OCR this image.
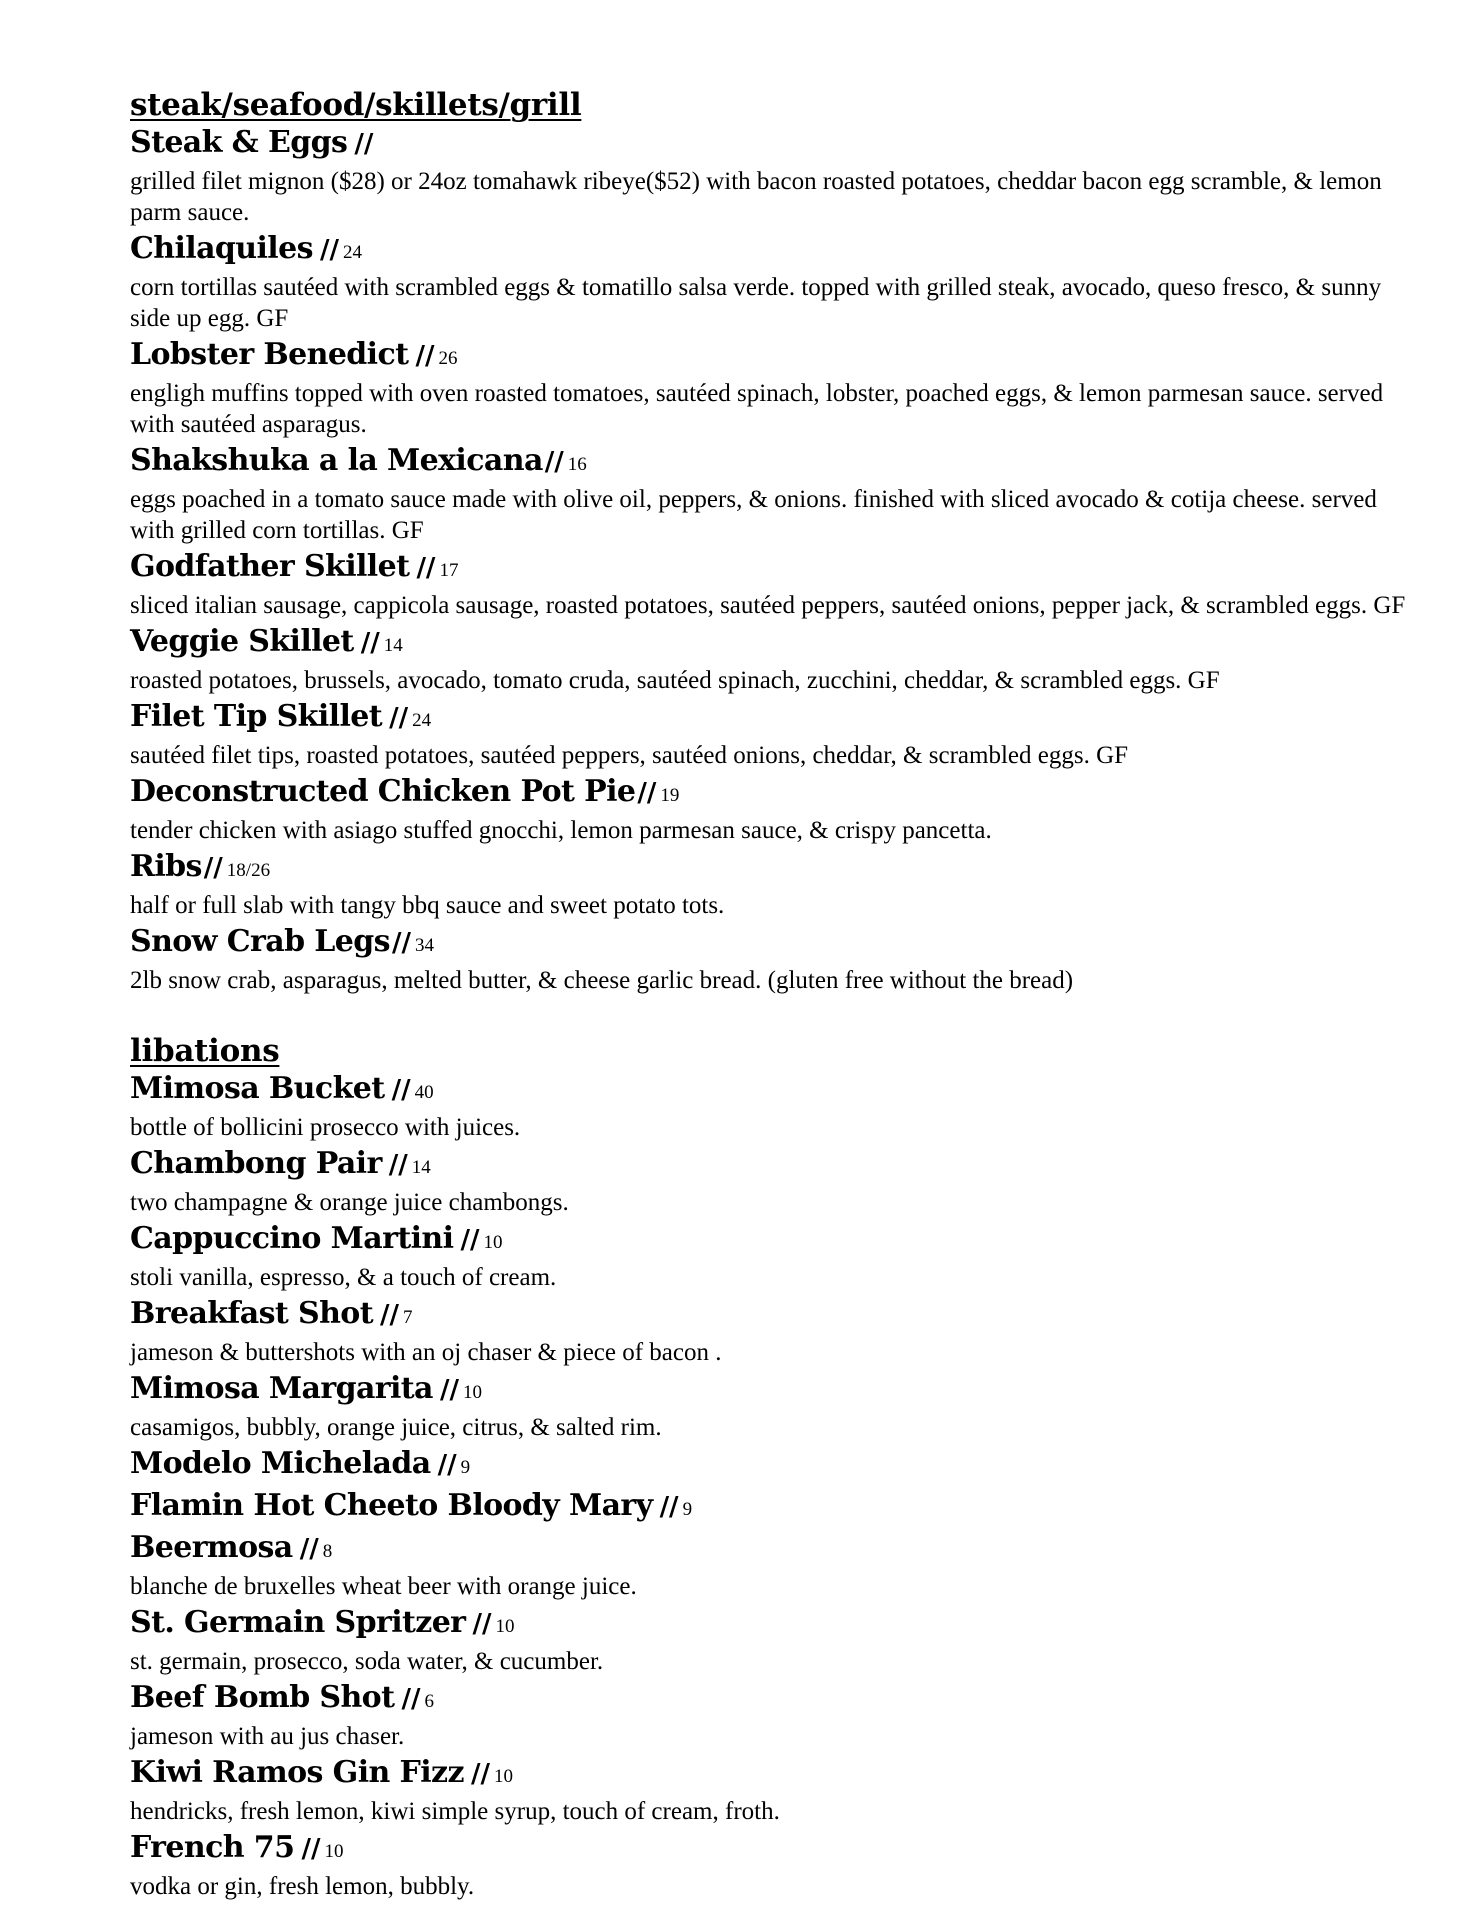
steak/seafood/skillets/grill
Steak & Eggs //

grilled filet mignon ($28) or 24oz tomahawk ribeye($52) with bacon roasted potatoes, cheddar bacon egg scramble, & lemon parm sauce.

Chilaquiles // 24

corn tortillas sautéed with scrambled eggs & tomatillo salsa verde. topped with grilled steak, avocado, queso fresco, & sunny side up egg. GF

Lobster Benedict // 26

engligh muffins topped with oven roasted tomatoes, sautéed spinach, lobster, poached eggs, & lemon parmesan sauce. served with sautéed asparagus.

Shakshuka a la Mexicana// 16

eggs poached in a tomato sauce made with olive oil, peppers, & onions. finished with sliced avocado & cotija cheese. served with grilled corn tortillas. GF

Godfather Skillet // 17

sliced italian sausage, cappicola sausage, roasted potatoes, sautéed peppers, sautéed onions, pepper jack, & scrambled eggs. GF

Veggie Skillet // 14

roasted potatoes, brussels, avocado, tomato cruda, sautéed spinach, zucchini, cheddar, & scrambled eggs. GF

Filet Tip Skillet // 24

sautéed filet tips, roasted potatoes, sautéed peppers, sautéed onions, cheddar, & scrambled eggs. GF

Deconstructed Chicken Pot Pie// 19

tender chicken with asiago stuffed gnocchi, lemon parmesan sauce, & crispy pancetta.

Ribs// 18/26

half or full slab with tangy bbq sauce and sweet potato tots.

Snow Crab Legs// 34

2lb snow crab, asparagus, melted butter, & cheese garlic bread. (gluten free without the bread)

libations
Mimosa Bucket // 40

bottle of bollicini prosecco with juices.

Chambong Pair // 14

two champagne & orange juice chambongs.

Cappuccino Martini // 10

stoli vanilla, espresso, & a touch of cream.

Breakfast Shot // 7

jameson & buttershots with an oj chaser & piece of bacon .

Mimosa Margarita // 10

casamigos, bubbly, orange juice, citrus, & salted rim.

Modelo Michelada // 9
Flamin Hot Cheeto Bloody Mary // 9
Beermosa // 8

blanche de bruxelles wheat beer with orange juice.

St. Germain Spritzer // 10

st. germain, prosecco, soda water, & cucumber.

Beef Bomb Shot // 6

jameson with au jus chaser.

Kiwi Ramos Gin Fizz // 10

hendricks, fresh lemon, kiwi simple syrup, touch of cream, froth.

French 75 // 10

vodka or gin, fresh lemon, bubbly.
